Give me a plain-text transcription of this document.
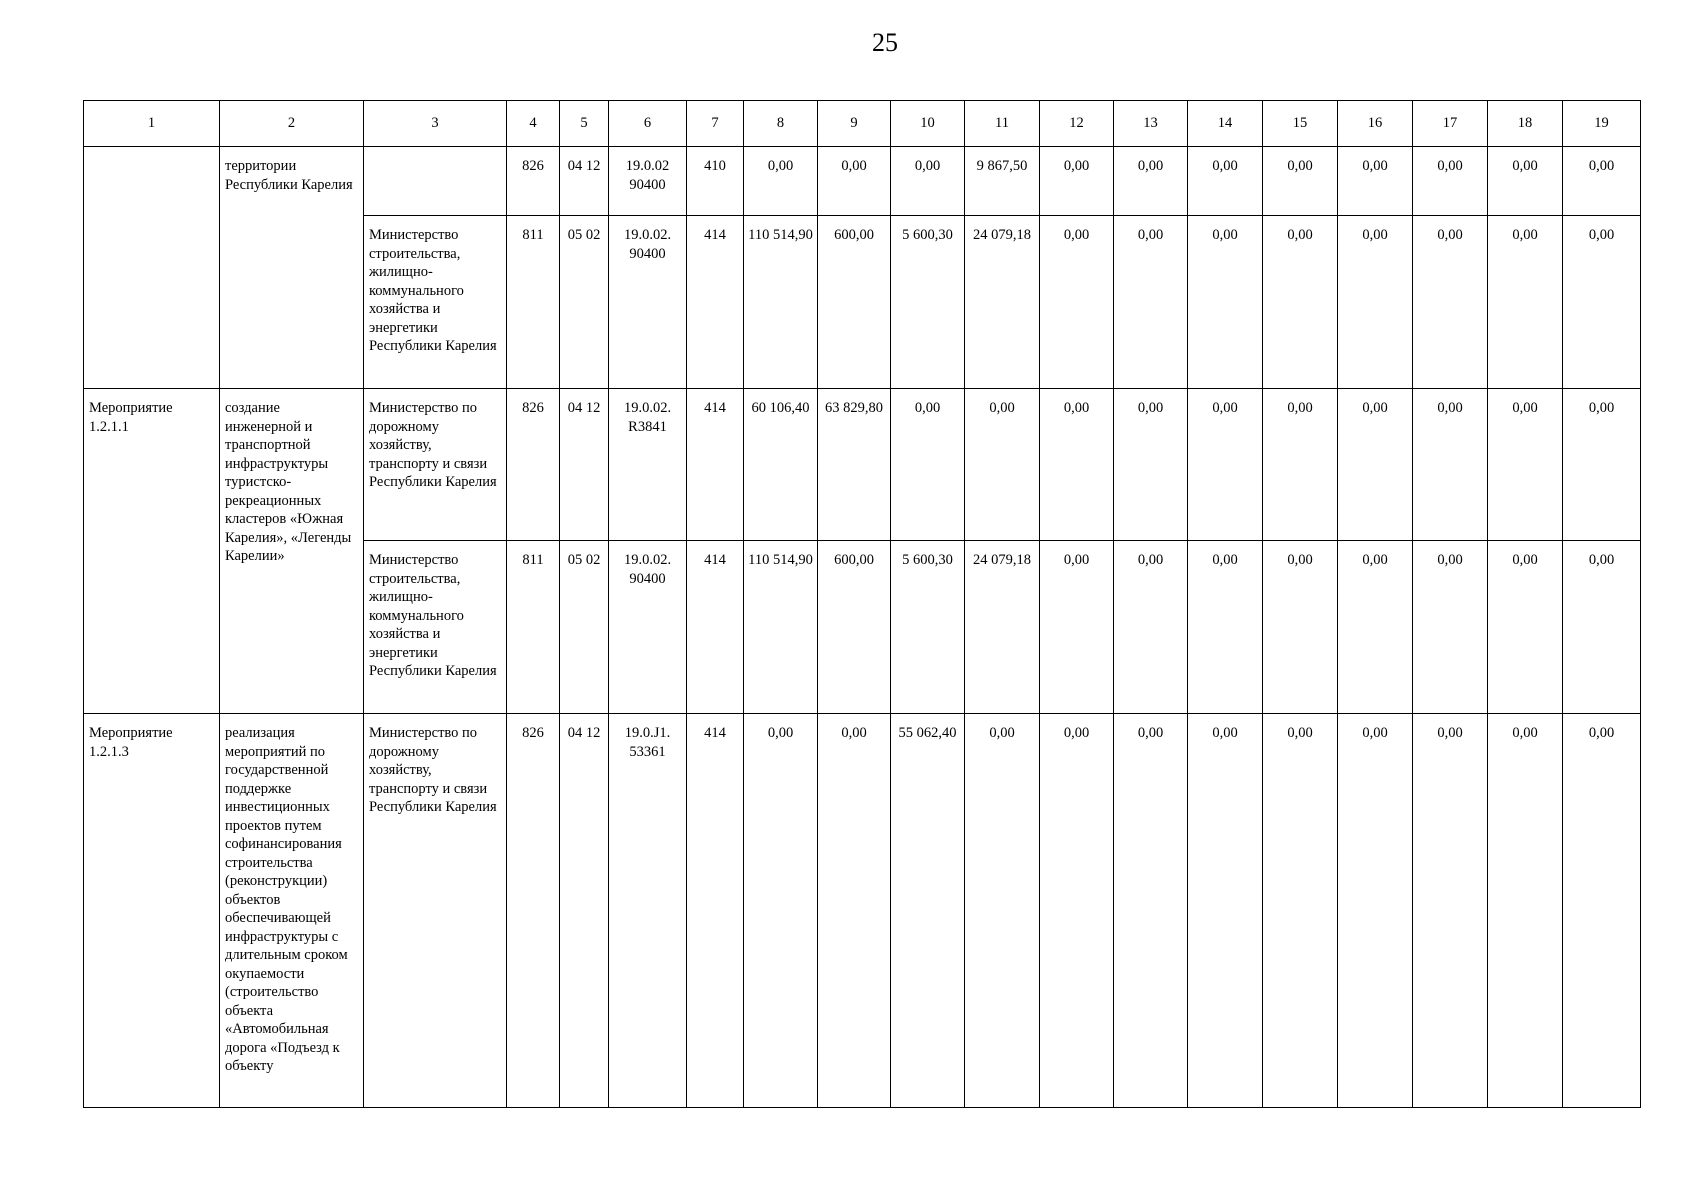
25
1	2	3	4	5	6	7	8	9	10	11	12	13	14	15	16	17	18	19
	территории Республики Карелия		826	04 12	19.0.02 90400	410	0,00	0,00	0,00	9 867,50	0,00	0,00	0,00	0,00	0,00	0,00	0,00	0,00
		Министерство строительства, жилищно-коммунального хозяйства и энергетики Республики Карелия	811	05 02	19.0.02. 90400	414	110 514,90	600,00	5 600,30	24 079,18	0,00	0,00	0,00	0,00	0,00	0,00	0,00	0,00
Мероприятие 1.2.1.1	создание инженерной и транспортной инфраструктуры туристско-рекреационных кластеров «Южная Карелия», «Легенды Карелии»	Министерство по дорожному хозяйству, транспорту и связи Республики Карелия	826	04 12	19.0.02. R3841	414	60 106,40	63 829,80	0,00	0,00	0,00	0,00	0,00	0,00	0,00	0,00	0,00	0,00
		Министерство строительства, жилищно-коммунального хозяйства и энергетики Республики Карелия	811	05 02	19.0.02. 90400	414	110 514,90	600,00	5 600,30	24 079,18	0,00	0,00	0,00	0,00	0,00	0,00	0,00	0,00
Мероприятие 1.2.1.3	реализация мероприятий по государственной поддержке инвестиционных проектов путем софинансирования строительства (реконструкции) объектов обеспечивающей инфраструктуры с длительным сроком окупаемости (строительство объекта «Автомобильная дорога «Подъезд к объекту	Министерство по дорожному хозяйству, транспорту и связи Республики Карелия	826	04 12	19.0.J1. 53361	414	0,00	0,00	55 062,40	0,00	0,00	0,00	0,00	0,00	0,00	0,00	0,00	0,00
